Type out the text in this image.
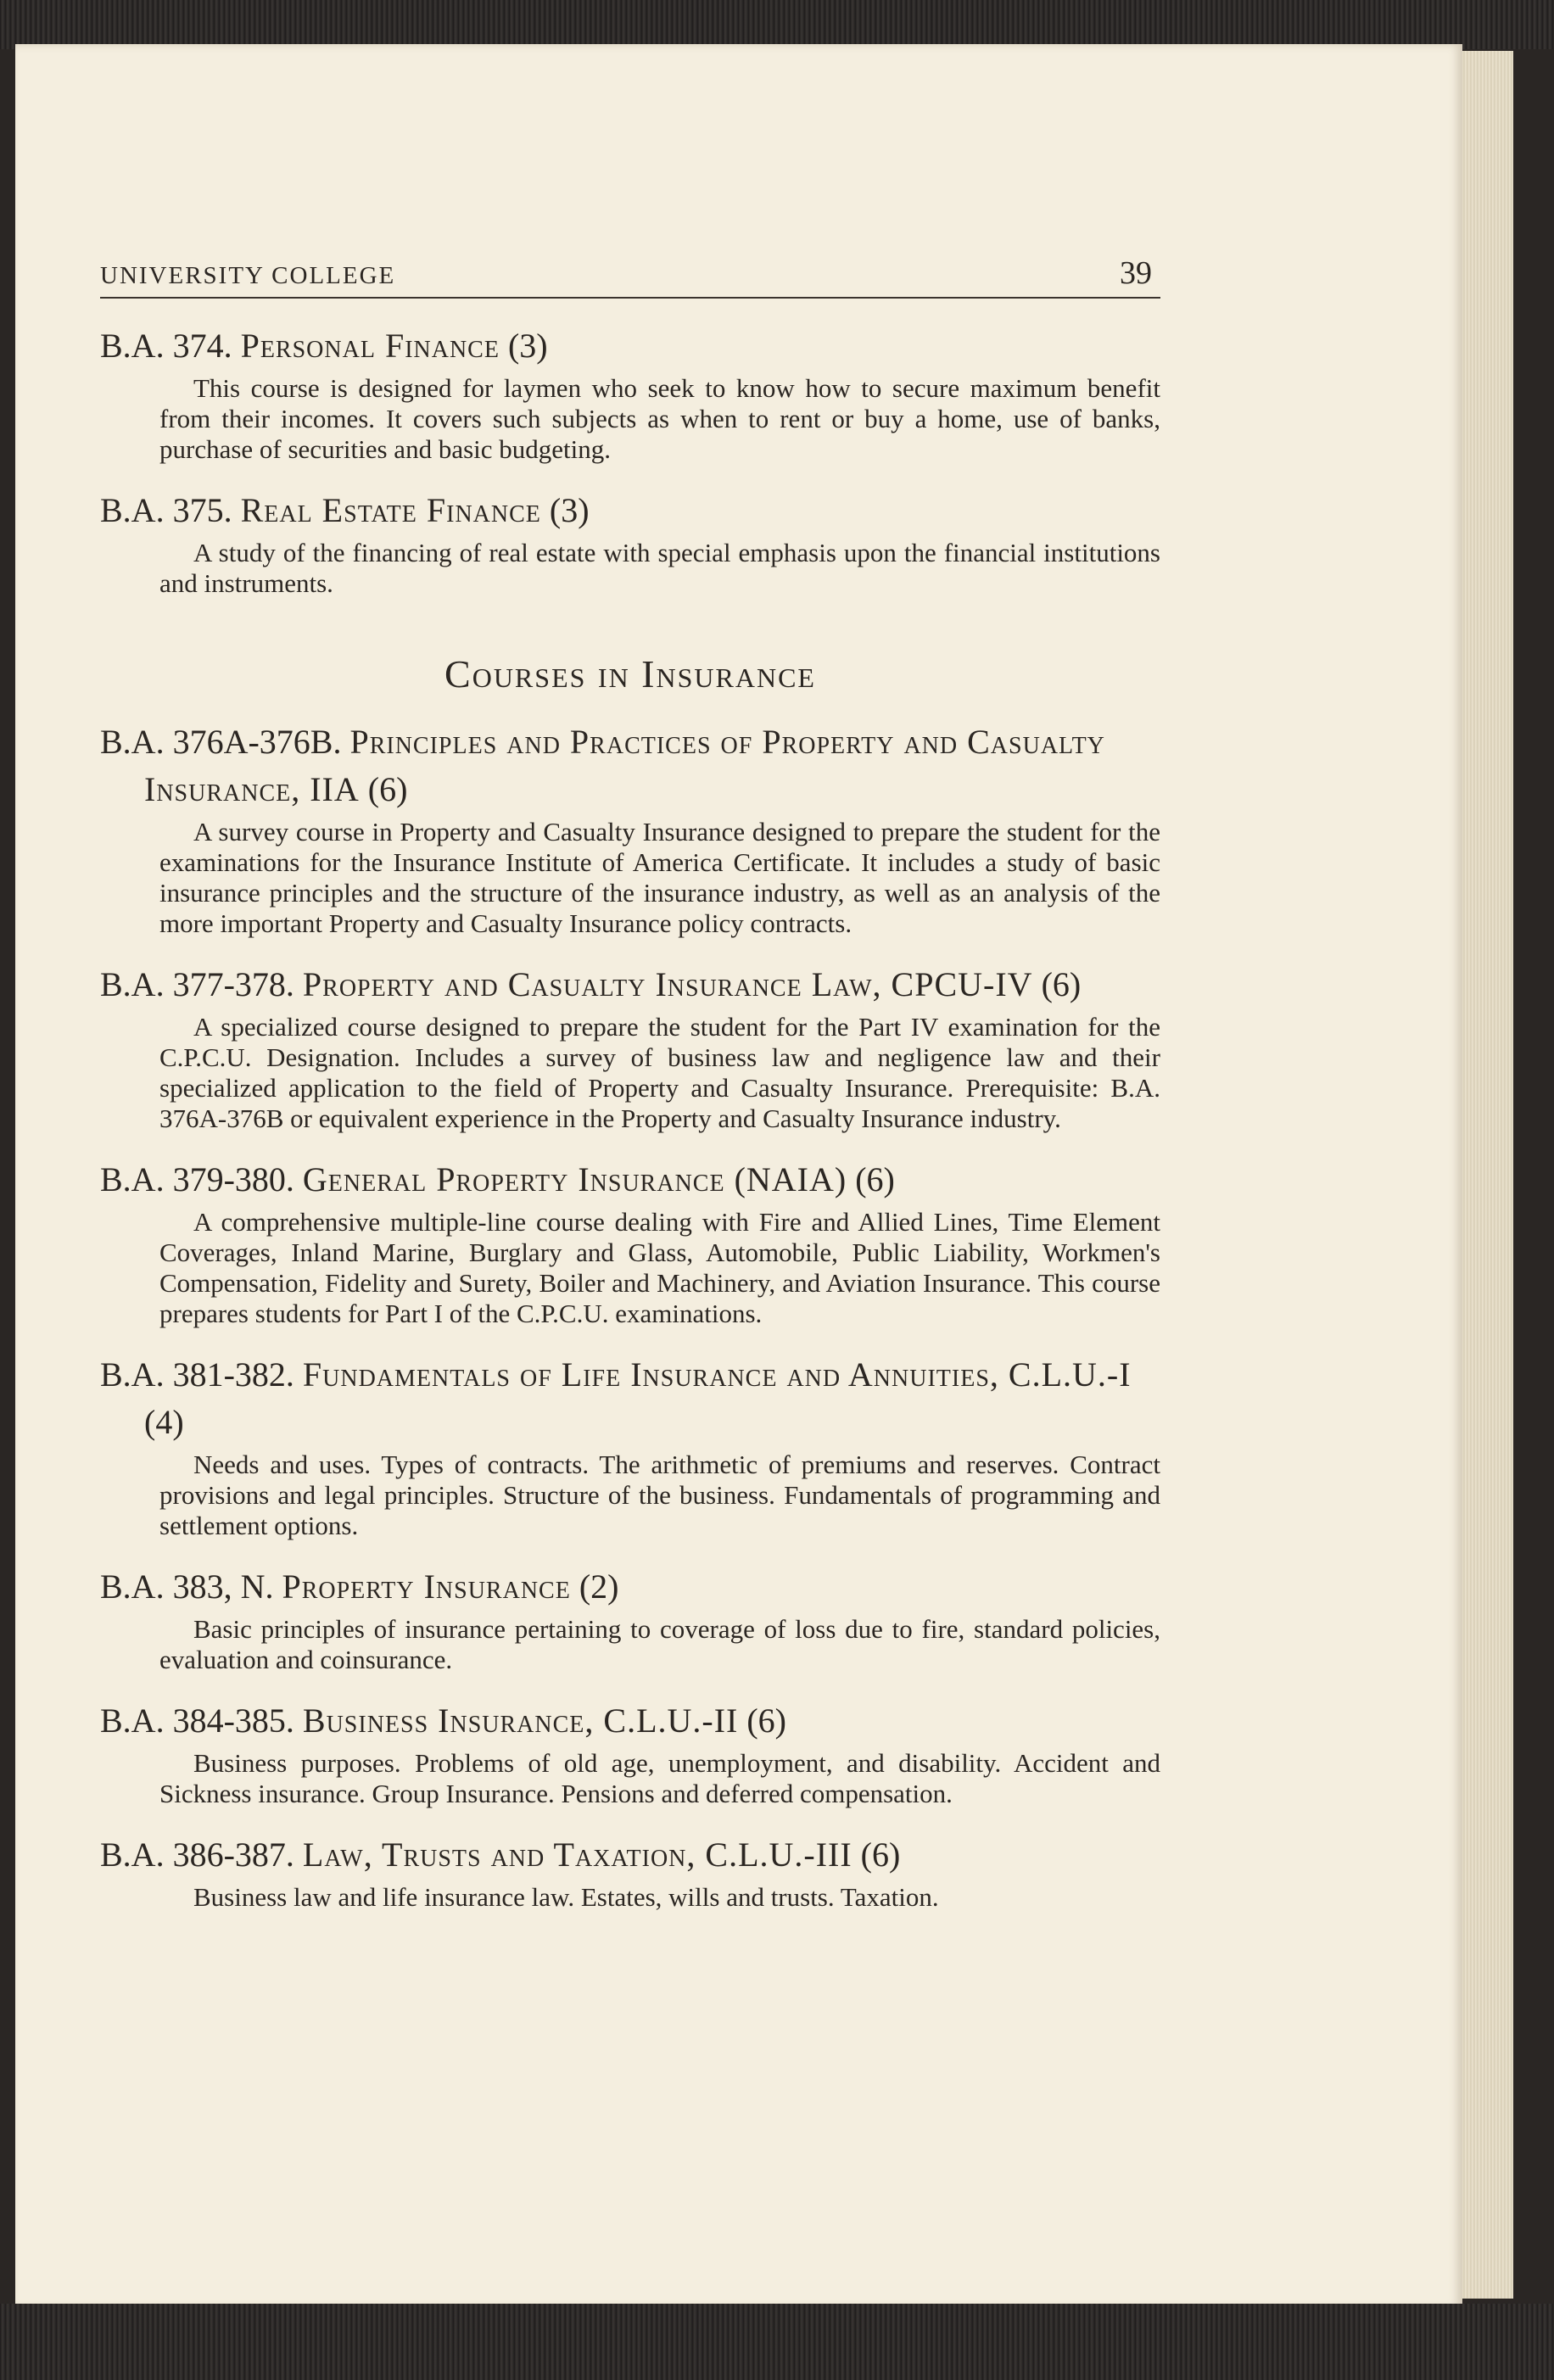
UNIVERSITY COLLEGE	39
B.A. 374. Personal Finance (3)
This course is designed for laymen who seek to know how to secure maximum benefit from their incomes. It covers such subjects as when to rent or buy a home, use of banks, purchase of securities and basic budgeting.
B.A. 375. Real Estate Finance (3)
A study of the financing of real estate with special emphasis upon the financial institutions and instruments.
Courses in Insurance
B.A. 376A-376B. Principles and Practices of Property and Casualty Insurance, IIA (6)
A survey course in Property and Casualty Insurance designed to prepare the student for the examinations for the Insurance Institute of America Certificate. It includes a study of basic insurance principles and the structure of the insurance industry, as well as an analysis of the more important Property and Casualty Insurance policy contracts.
B.A. 377-378. Property and Casualty Insurance Law, CPCU-IV (6)
A specialized course designed to prepare the student for the Part IV examination for the C.P.C.U. Designation. Includes a survey of business law and negligence law and their specialized application to the field of Property and Casualty Insurance. Prerequisite: B.A. 376A-376B or equivalent experience in the Property and Casualty Insurance industry.
B.A. 379-380. General Property Insurance (NAIA) (6)
A comprehensive multiple-line course dealing with Fire and Allied Lines, Time Element Coverages, Inland Marine, Burglary and Glass, Automobile, Public Liability, Workmen's Compensation, Fidelity and Surety, Boiler and Machinery, and Aviation Insurance. This course prepares students for Part I of the C.P.C.U. examinations.
B.A. 381-382. Fundamentals of Life Insurance and Annuities, C.L.U.-I (4)
Needs and uses. Types of contracts. The arithmetic of premiums and reserves. Contract provisions and legal principles. Structure of the business. Fundamentals of programming and settlement options.
B.A. 383, N. Property Insurance (2)
Basic principles of insurance pertaining to coverage of loss due to fire, standard policies, evaluation and coinsurance.
B.A. 384-385. Business Insurance, C.L.U.-II (6)
Business purposes. Problems of old age, unemployment, and disability. Accident and Sickness insurance. Group Insurance. Pensions and deferred compensation.
B.A. 386-387. Law, Trusts and Taxation, C.L.U.-III (6)
Business law and life insurance law. Estates, wills and trusts. Taxation.
